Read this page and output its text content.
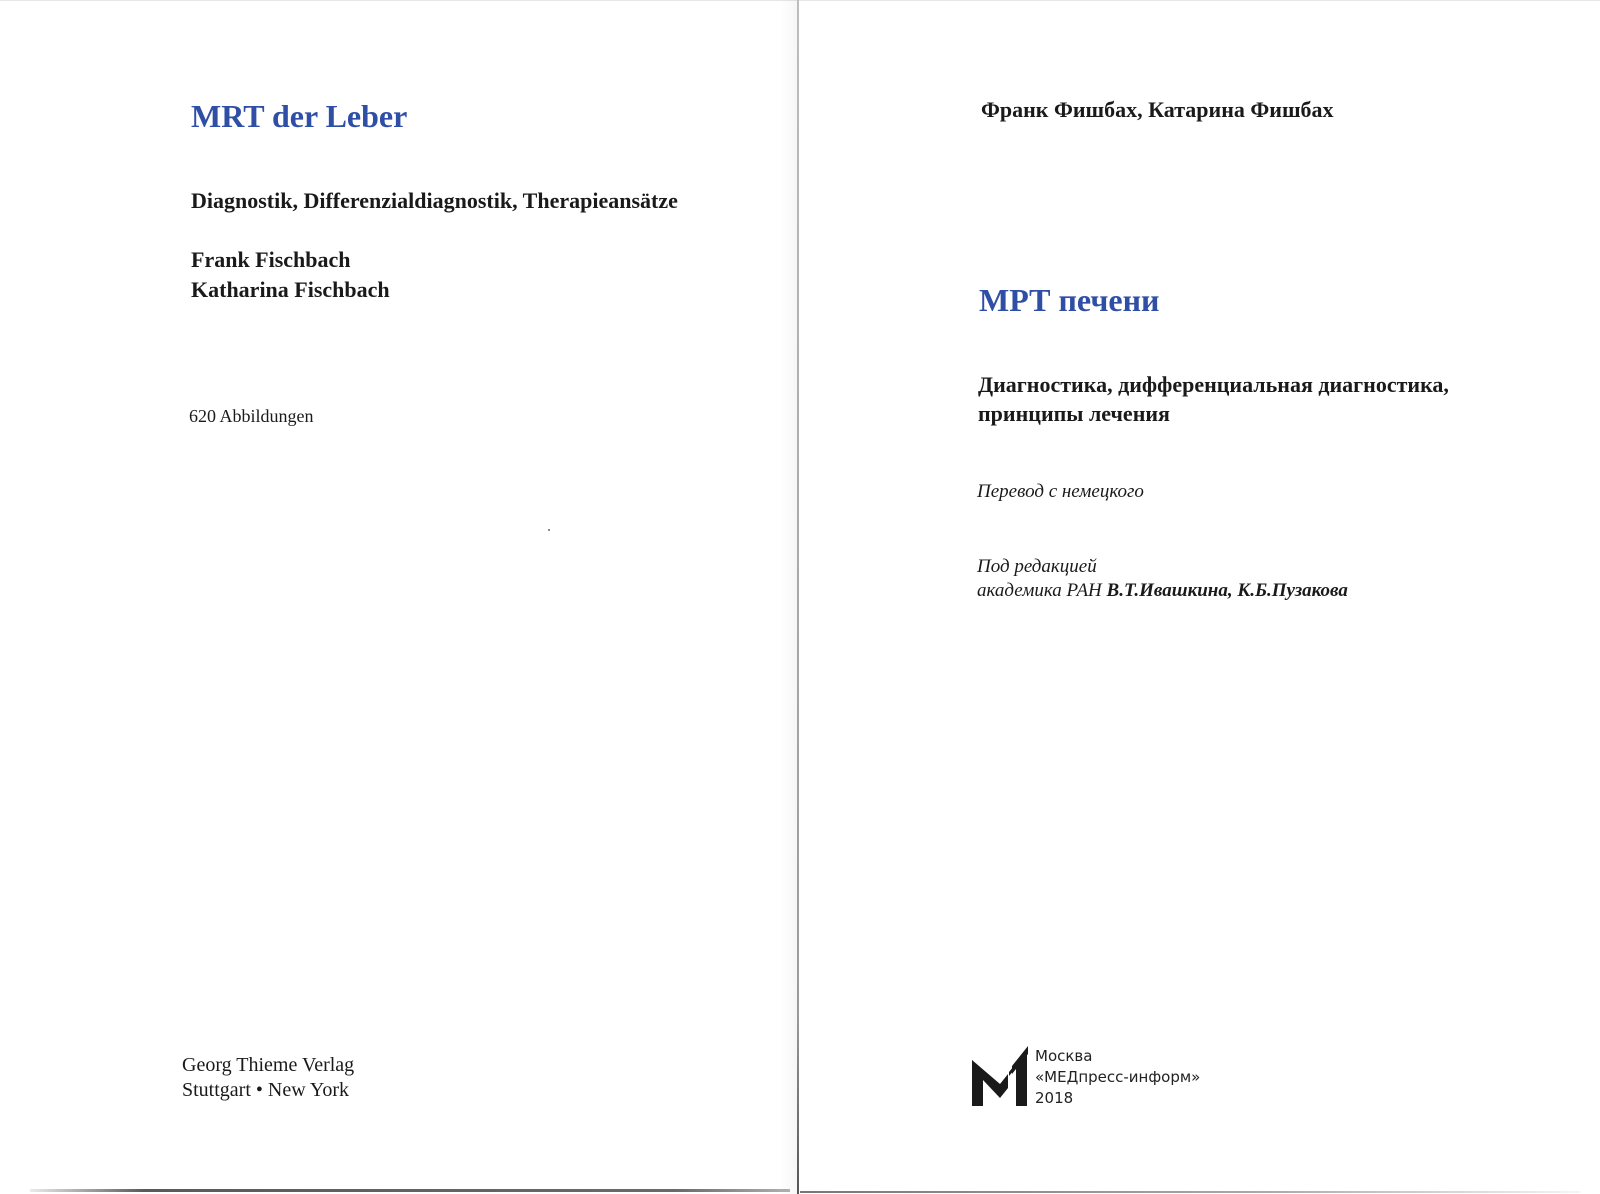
MRT der Leber
Diagnostik, Differenzialdiagnostik, Therapieansätze
Frank Fischbach
Katharina Fischbach
620 Abbildungen
Georg Thieme Verlag
Stuttgart • New York
Франк Фишбах, Катарина Фишбах
МРТ печени
Диагностика, дифференциальная диагностика,
принципы лечения
Перевод с немецкого
Под редакцией
академика РАН В.Т.Ивашкина, К.Б.Пузакова
Москва
«МЕДпресс-информ»
2018
